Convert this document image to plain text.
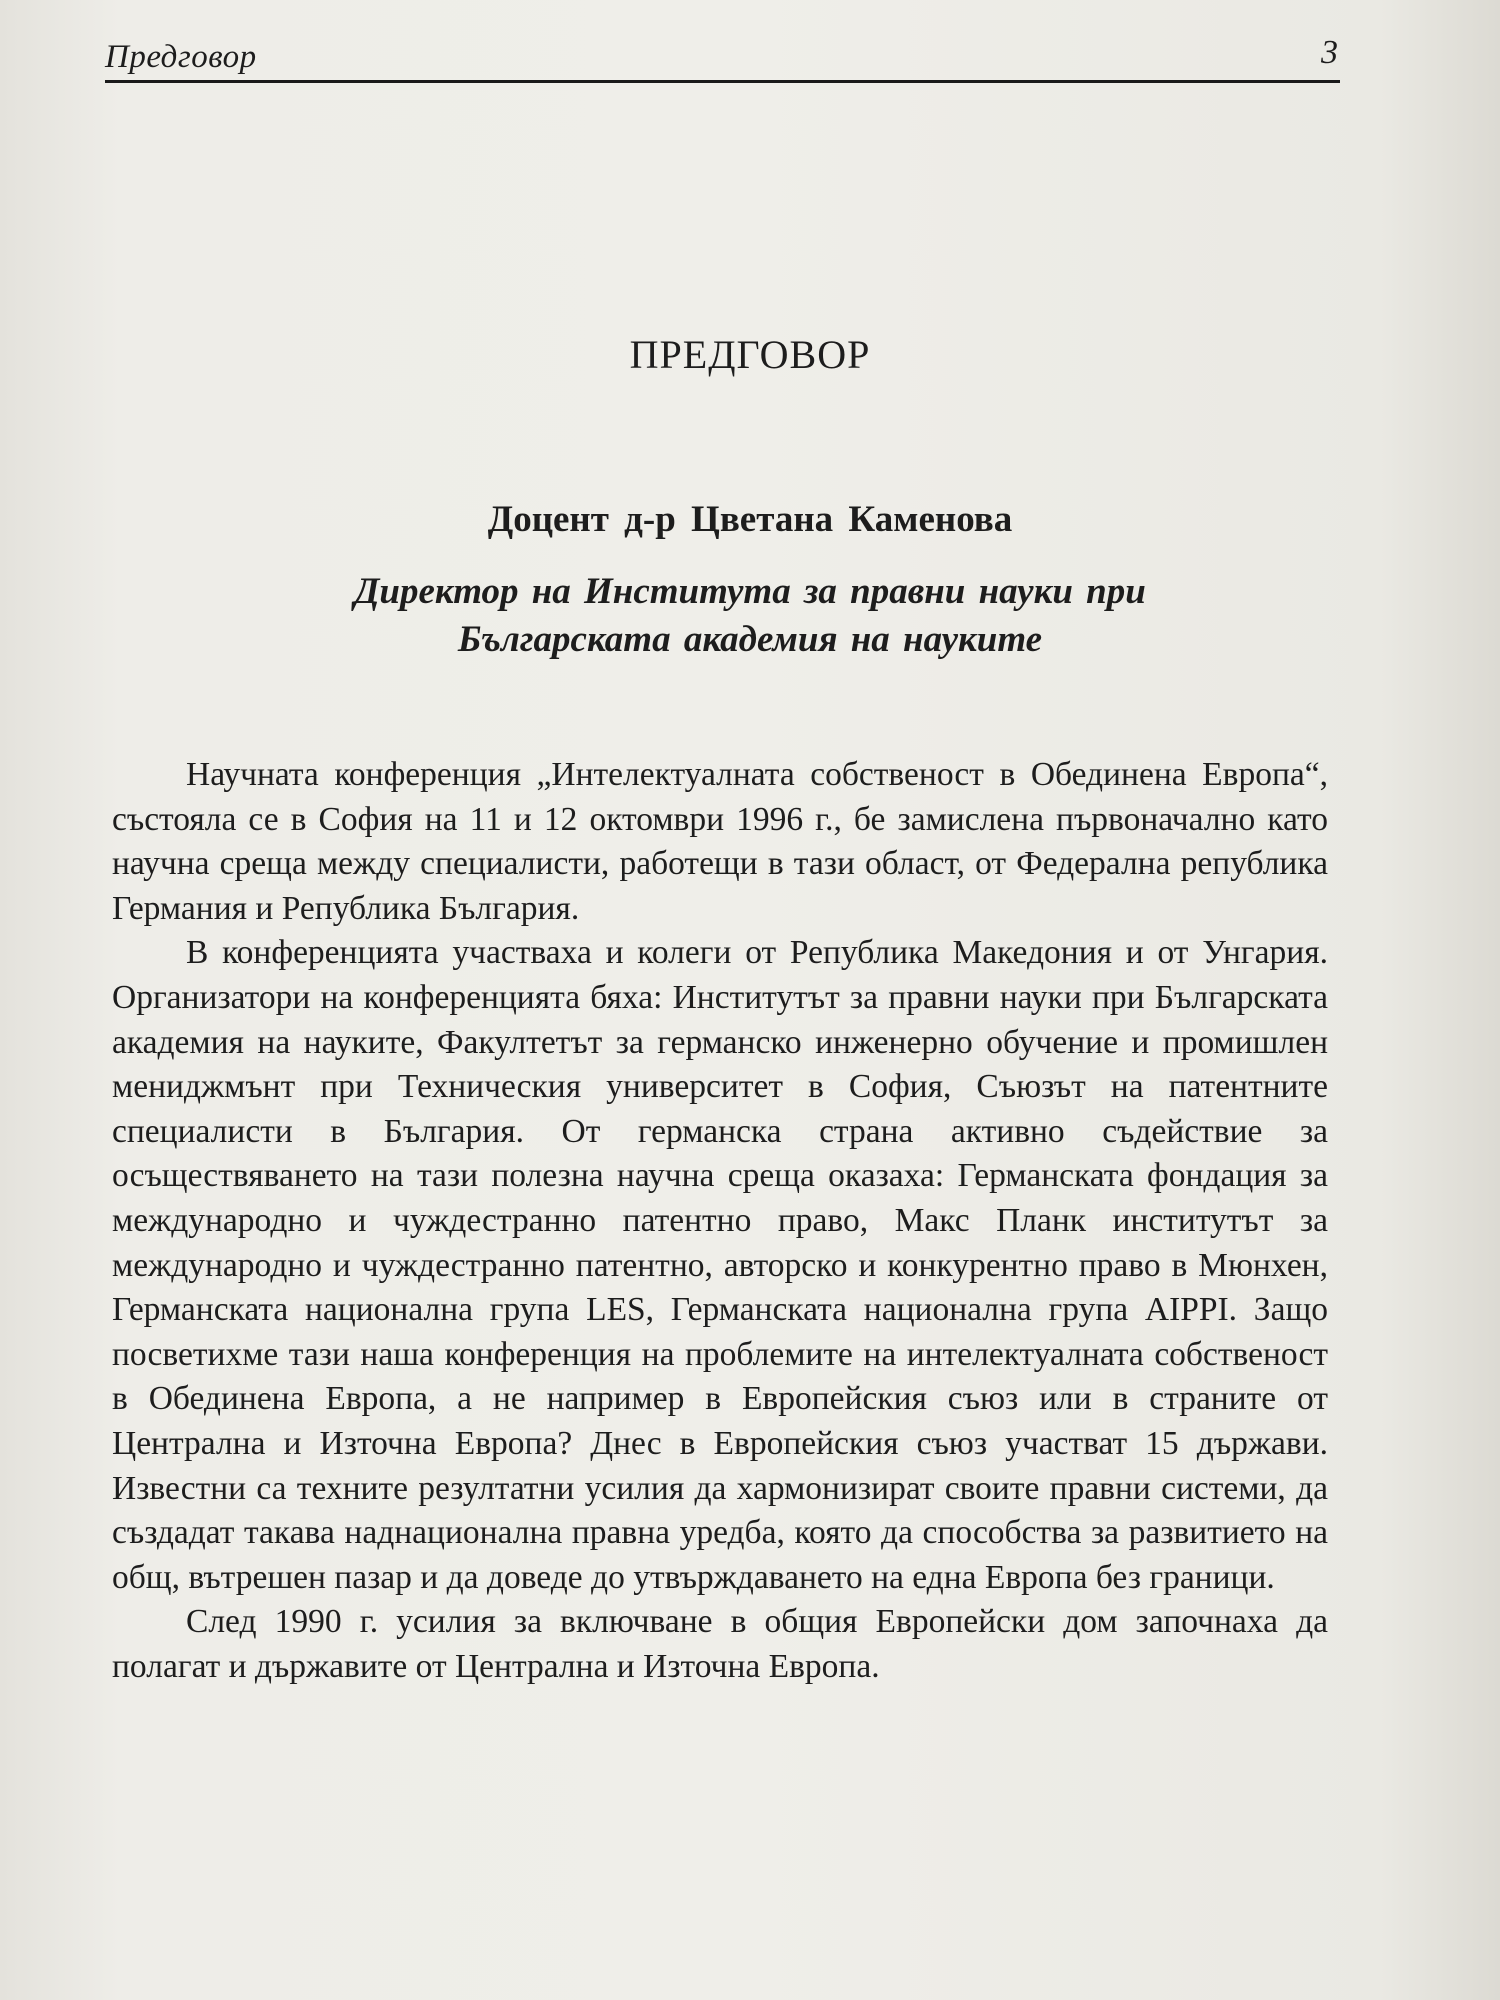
Предговор	3
ПРЕДГОВОР
Доцент д-р Цветана Каменова
Директор на Института за правни науки при
Българската академия на науките

Научната конференция „Интелектуалната собственост в Обединена Европа“, състояла се в София на 11 и 12 октомври 1996 г., бе замислена първоначално като научна среща между специалисти, работещи в тази област, от Федерална република Германия и Република България.

В конференцията участваха и колеги от Република Македония и от Унгария. Организатори на конференцията бяха: Институтът за правни науки при Българската академия на науките, Факултетът за германско инженерно обучение и промишлен мениджмънт при Техническия университет в София, Съюзът на патентните специалисти в България. От германска страна активно съдействие за осъществяването на тази полезна научна среща оказаха: Германската фондация за международно и чуждестранно патентно право, Макс Планк институтът за международно и чуждестранно патентно, авторско и конкурентно право в Мюнхен, Германската национална група LES, Германската национална група AIPPI. Защо посветихме тази наша конференция на проблемите на интелектуалната собственост в Обединена Европа, а не например в Европейския съюз или в страните от Централна и Източна Европа? Днес в Европейския съюз участват 15 държави. Известни са техните резултатни усилия да хармонизират своите правни системи, да създадат такава наднационална правна уредба, която да способства за развитието на общ, вътрешен пазар и да доведе до утвърждаването на една Европа без граници.

След 1990 г. усилия за включване в общия Европейски дом започнаха да полагат и държавите от Централна и Източна Европа.
